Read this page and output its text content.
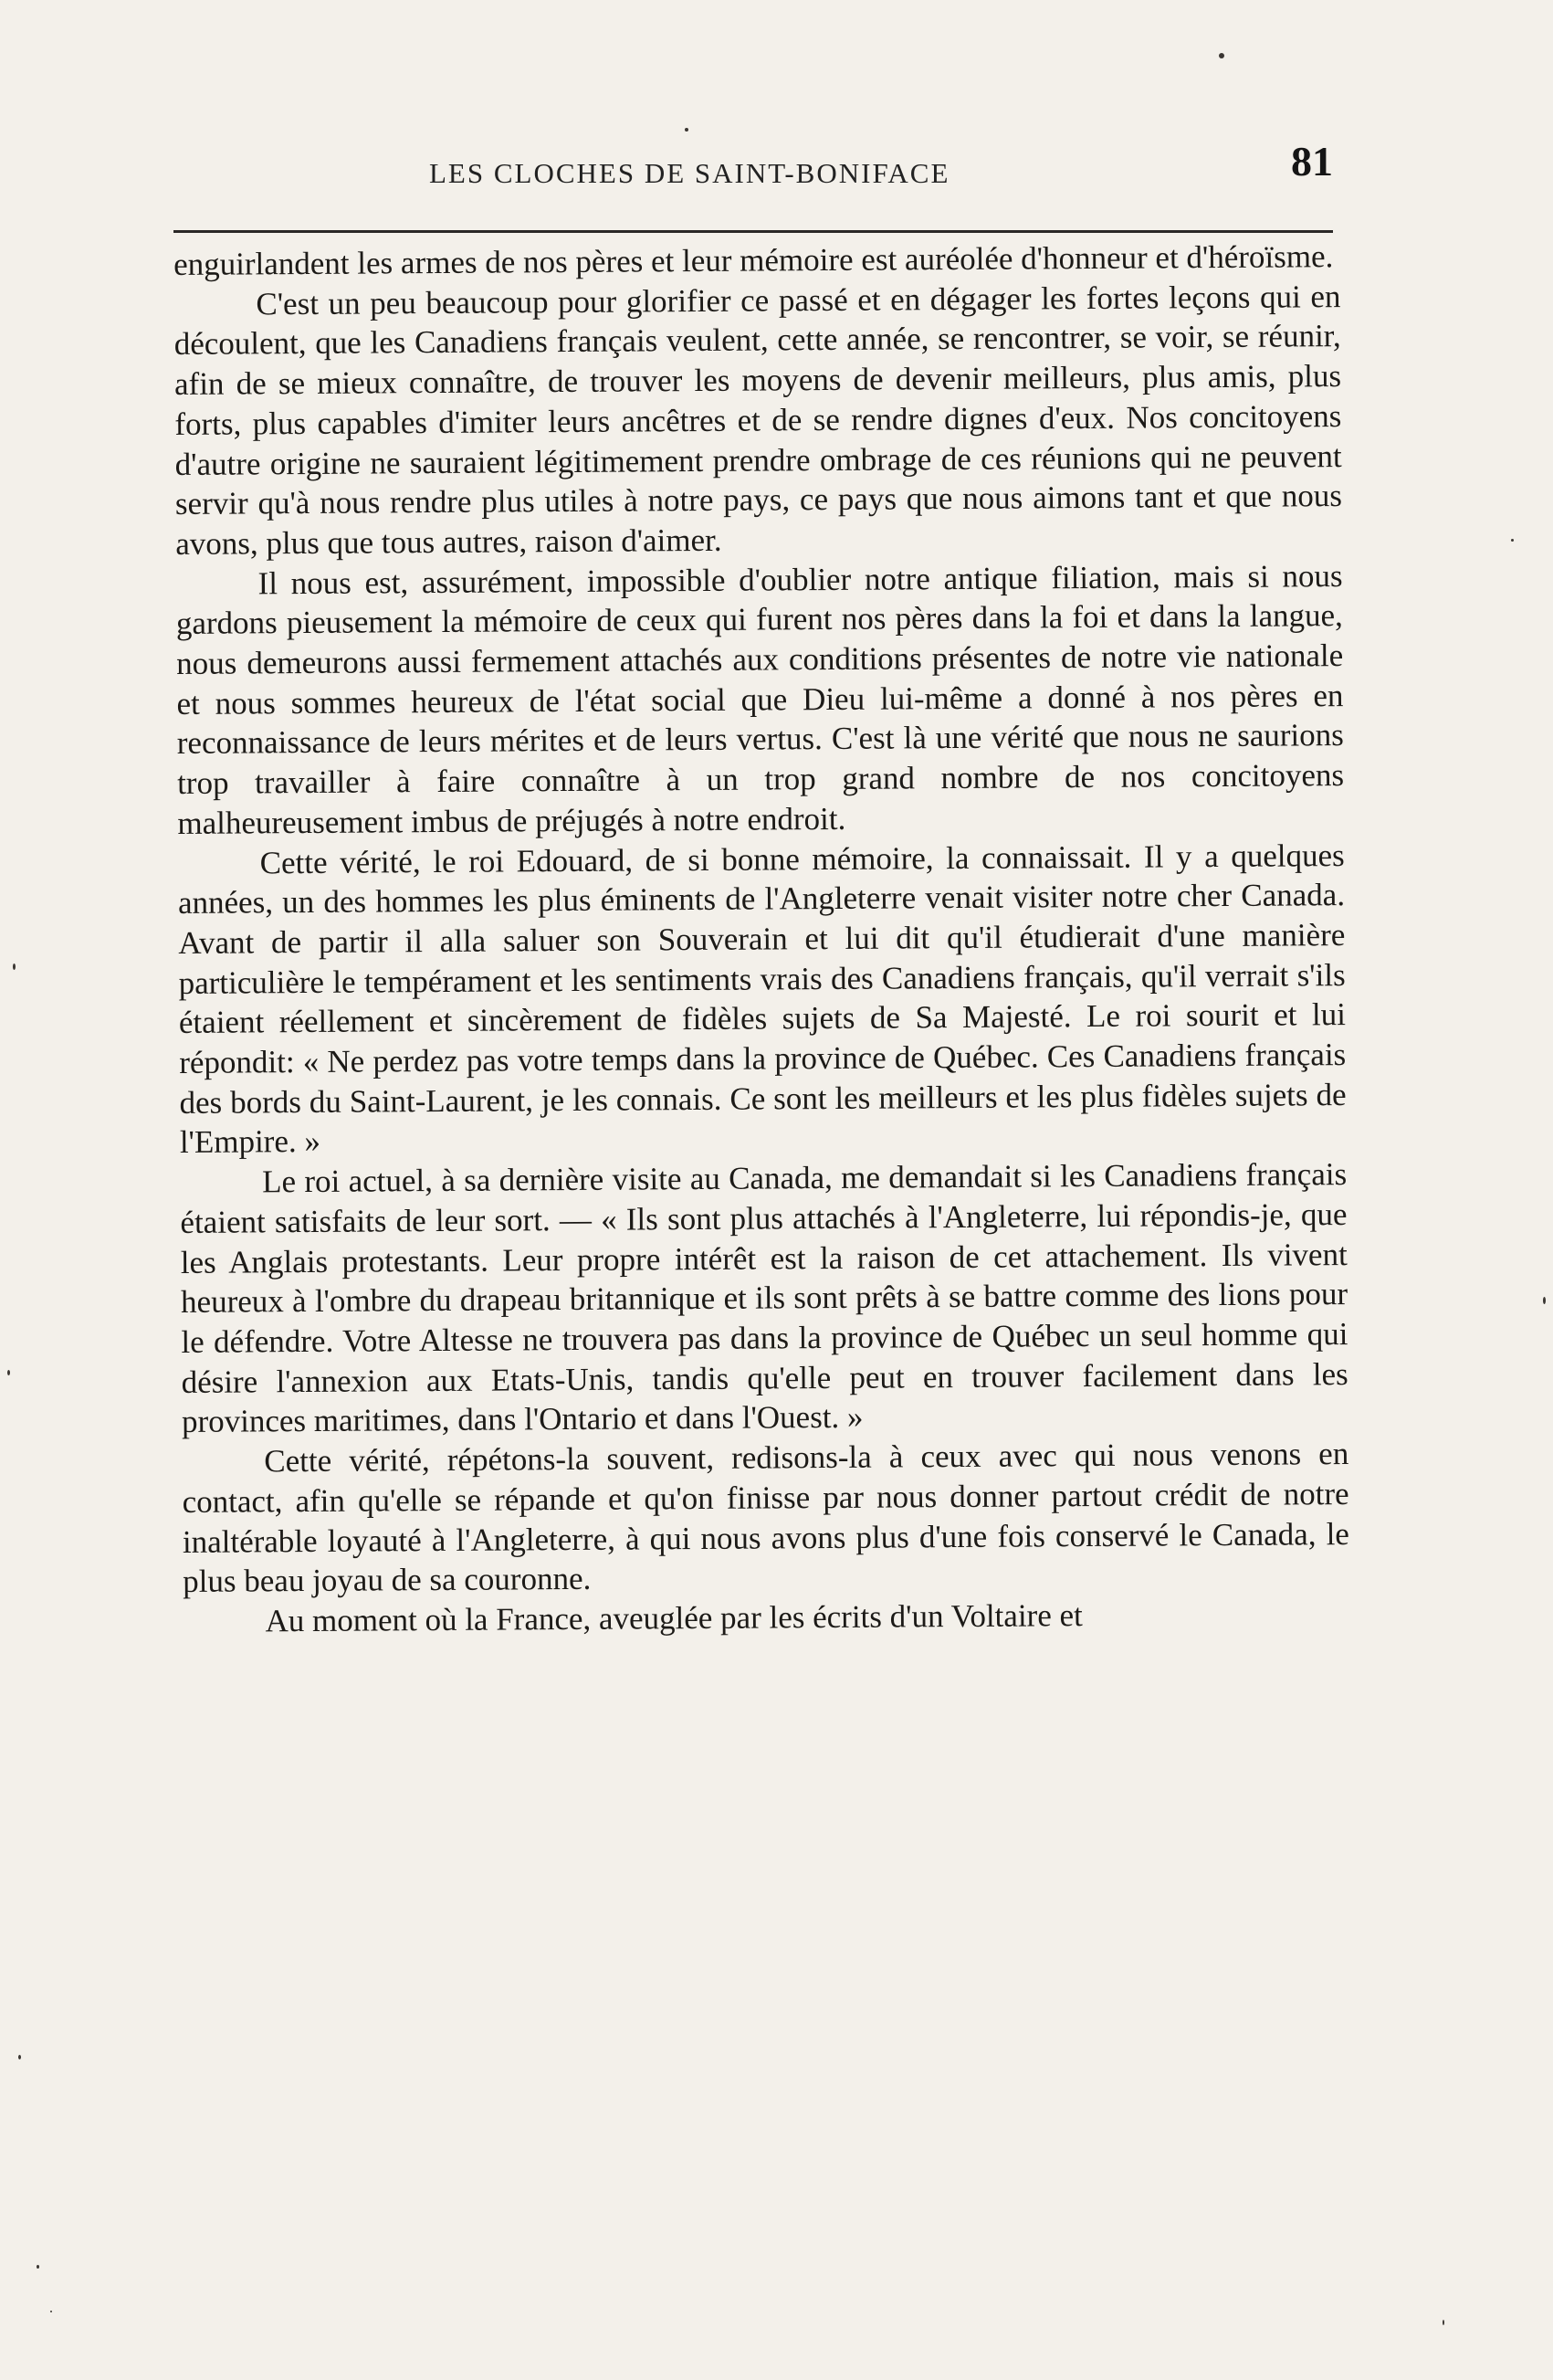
LES CLOCHES DE SAINT-BONIFACE	81

enguirlandent les armes de nos pères et leur mémoire est auréolée d'honneur et d'héroïsme.

C'est un peu beaucoup pour glorifier ce passé et en dégager les fortes leçons qui en découlent, que les Canadiens français veulent, cette année, se rencontrer, se voir, se réunir, afin de se mieux connaître, de trouver les moyens de devenir meilleurs, plus amis, plus forts, plus capables d'imiter leurs ancêtres et de se rendre dignes d'eux. Nos concitoyens d'autre origine ne sauraient légitimement prendre ombrage de ces réunions qui ne peuvent servir qu'à nous rendre plus utiles à notre pays, ce pays que nous aimons tant et que nous avons, plus que tous autres, raison d'aimer.

Il nous est, assurément, impossible d'oublier notre antique filiation, mais si nous gardons pieusement la mémoire de ceux qui furent nos pères dans la foi et dans la langue, nous demeurons aussi fermement attachés aux conditions présentes de notre vie nationale et nous sommes heureux de l'état social que Dieu lui-même a donné à nos pères en reconnaissance de leurs mérites et de leurs vertus. C'est là une vérité que nous ne saurions trop travailler à faire connaître à un trop grand nombre de nos concitoyens malheureusement imbus de préjugés à notre endroit.

Cette vérité, le roi Edouard, de si bonne mémoire, la connaissait. Il y a quelques années, un des hommes les plus éminents de l'Angleterre venait visiter notre cher Canada. Avant de partir il alla saluer son Souverain et lui dit qu'il étudierait d'une manière particulière le tempérament et les sentiments vrais des Canadiens français, qu'il verrait s'ils étaient réellement et sincèrement de fidèles sujets de Sa Majesté. Le roi sourit et lui répondit: « Ne perdez pas votre temps dans la province de Québec. Ces Canadiens français des bords du Saint-Laurent, je les connais. Ce sont les meilleurs et les plus fidèles sujets de l'Empire. »

Le roi actuel, à sa dernière visite au Canada, me demandait si les Canadiens français étaient satisfaits de leur sort. — « Ils sont plus attachés à l'Angleterre, lui répondis-je, que les Anglais protestants. Leur propre intérêt est la raison de cet attachement. Ils vivent heureux à l'ombre du drapeau britannique et ils sont prêts à se battre comme des lions pour le défendre. Votre Altesse ne trouvera pas dans la province de Québec un seul homme qui désire l'annexion aux Etats-Unis, tandis qu'elle peut en trouver facilement dans les provinces maritimes, dans l'Ontario et dans l'Ouest. »

Cette vérité, répétons-la souvent, redisons-la à ceux avec qui nous venons en contact, afin qu'elle se répande et qu'on finisse par nous donner partout crédit de notre inaltérable loyauté à l'Angleterre, à qui nous avons plus d'une fois conservé le Canada, le plus beau joyau de sa couronne.

Au moment où la France, aveuglée par les écrits d'un Voltaire et
